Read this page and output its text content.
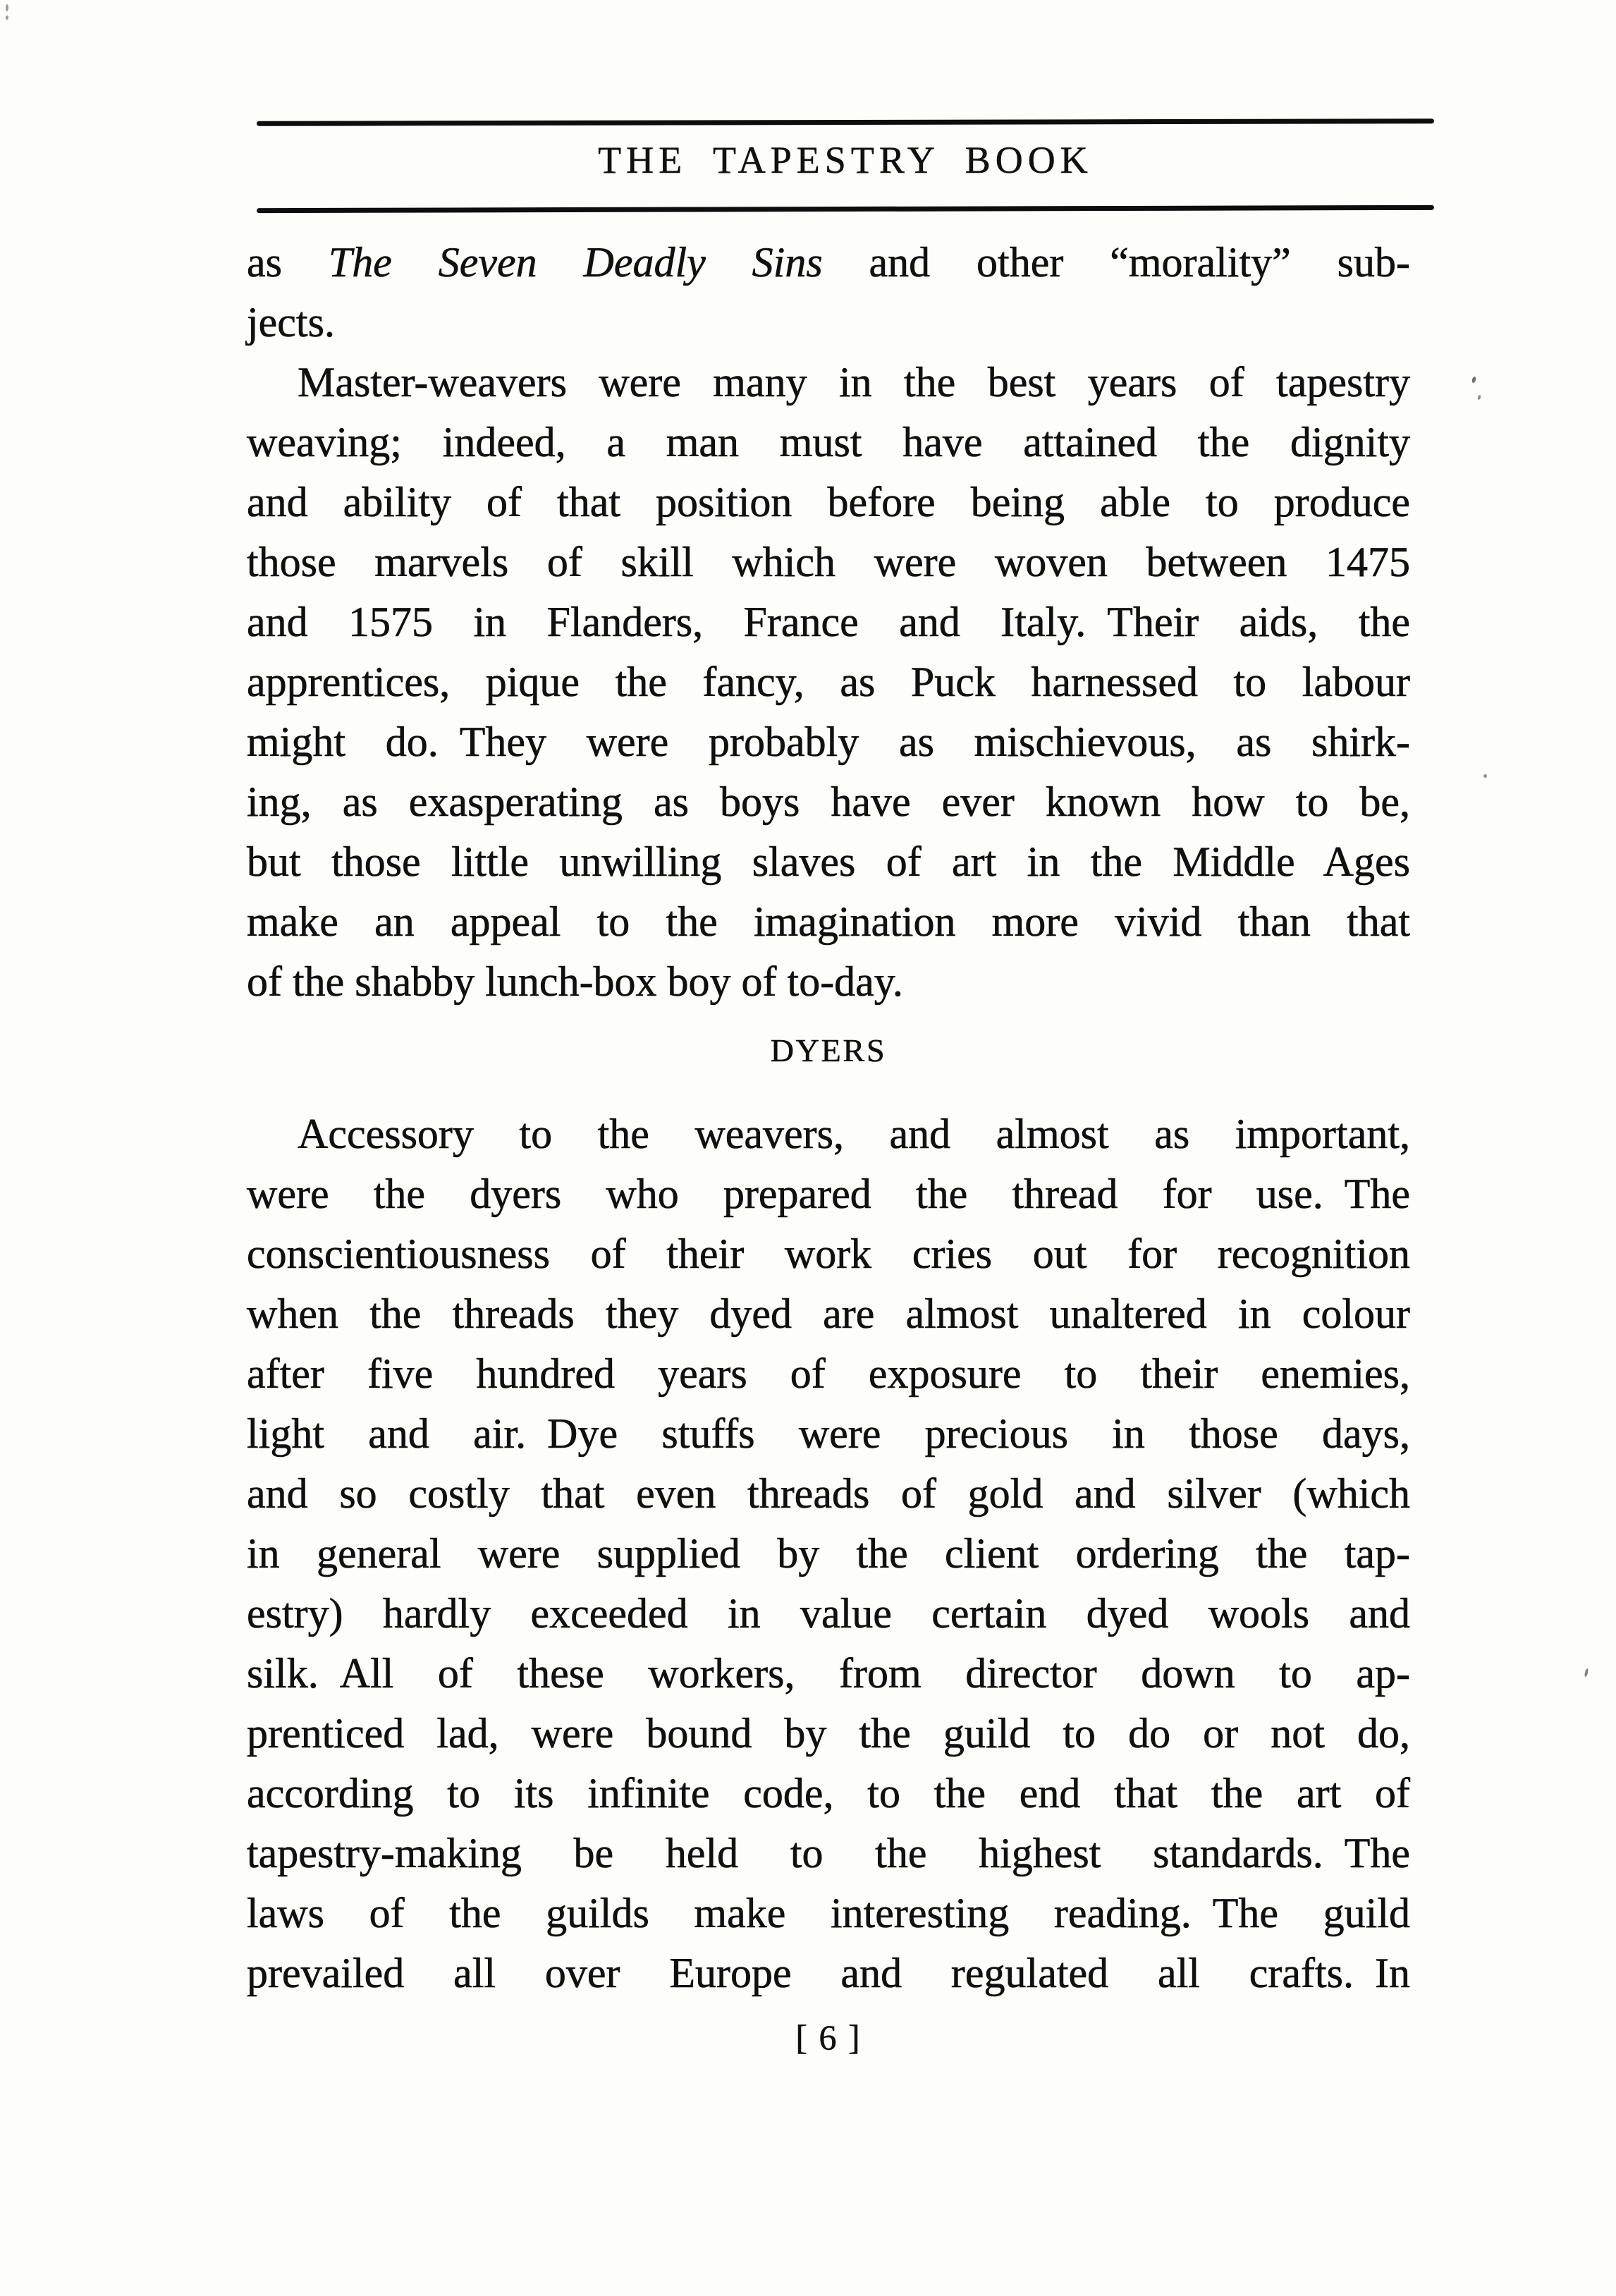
THE TAPESTRY BOOK
as The Seven Deadly Sins and other “morality” sub-
jects.
Master-weavers were many in the best years of tapestry
weaving; indeed, a man must have attained the dignity
and ability of that position before being able to produce
those marvels of skill which were woven between 1475
and 1575 in Flanders, France and Italy. Their aids, the
apprentices, pique the fancy, as Puck harnessed to labour
might do. They were probably as mischievous, as shirk-
ing, as exasperating as boys have ever known how to be,
but those little unwilling slaves of art in the Middle Ages
make an appeal to the imagination more vivid than that
of the shabby lunch-box boy of to-day.
DYERS
Accessory to the weavers, and almost as important,
were the dyers who prepared the thread for use. The
conscientiousness of their work cries out for recognition
when the threads they dyed are almost unaltered in colour
after five hundred years of exposure to their enemies,
light and air. Dye stuffs were precious in those days,
and so costly that even threads of gold and silver (which
in general were supplied by the client ordering the tap-
estry) hardly exceeded in value certain dyed wools and
silk. All of these workers, from director down to ap-
prenticed lad, were bound by the guild to do or not do,
according to its infinite code, to the end that the art of
tapestry-making be held to the highest standards. The
laws of the guilds make interesting reading. The guild
prevailed all over Europe and regulated all crafts. In
[ 6 ]
